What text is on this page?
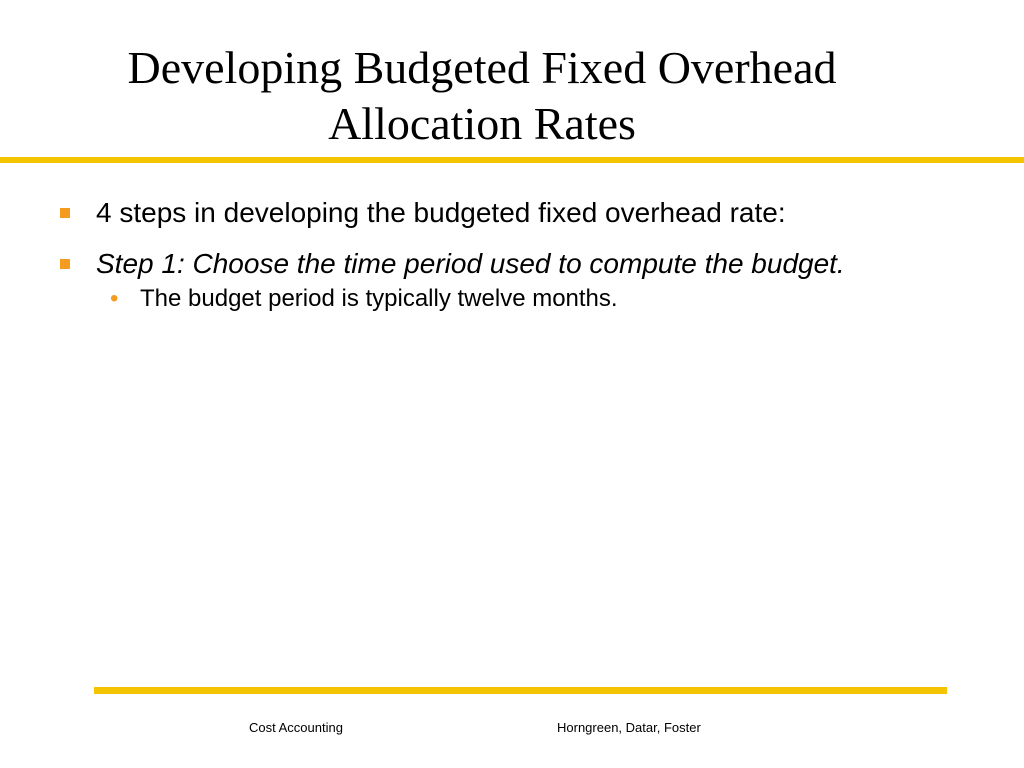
Developing Budgeted Fixed Overhead
Allocation Rates
4 steps in developing the budgeted fixed overhead rate:
Step 1: Choose the time period used to compute the budget.
• The budget period is typically twelve months.
Cost Accounting	Horngreen, Datar, Foster
